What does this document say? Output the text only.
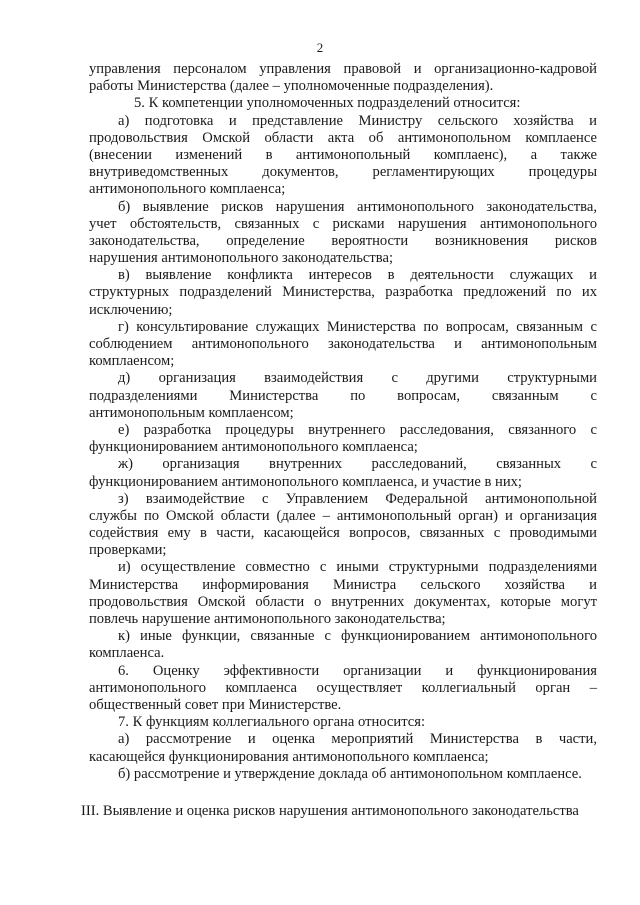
2
управления персоналом управления правовой и организационно-кадровой
работы Министерства (далее – уполномоченные подразделения).
5. К компетенции уполномоченных подразделений относится:
а) подготовка и представление Министру сельского хозяйства и
продовольствия Омской области акта об антимонопольном комплаенсе
(внесении изменений в антимонопольный комплаенс), а также
внутриведомственных документов, регламентирующих процедуры
антимонопольного комплаенса;
б) выявление рисков нарушения антимонопольного законодательства,
учет обстоятельств, связанных с рисками нарушения антимонопольного
законодательства, определение вероятности возникновения рисков
нарушения антимонопольного законодательства;
в) выявление конфликта интересов в деятельности служащих и
структурных подразделений Министерства, разработка предложений по их
исключению;
г) консультирование служащих Министерства по вопросам, связанным с
соблюдением антимонопольного законодательства и антимонопольным
комплаенсом;
д) организация взаимодействия с другими структурными
подразделениями Министерства по вопросам, связанным с
антимонопольным комплаенсом;
е) разработка процедуры внутреннего расследования, связанного с
функционированием антимонопольного комплаенса;
ж) организация внутренних расследований, связанных с
функционированием антимонопольного комплаенса, и участие в них;
з) взаимодействие с Управлением Федеральной антимонопольной
службы по Омской области (далее – антимонопольный орган) и организация
содействия ему в части, касающейся вопросов, связанных с проводимыми
проверками;
и) осуществление совместно с иными структурными подразделениями
Министерства информирования Министра сельского хозяйства и
продовольствия Омской области о внутренних документах, которые могут
повлечь нарушение антимонопольного законодательства;
к) иные функции, связанные с функционированием антимонопольного
комплаенса.
6. Оценку эффективности организации и функционирования
антимонопольного комплаенса осуществляет коллегиальный орган –
общественный совет при Министерстве.
7. К функциям коллегиального органа относится:
а) рассмотрение и оценка мероприятий Министерства в части,
касающейся функционирования антимонопольного комплаенса;
б) рассмотрение и утверждение доклада об антимонопольном комплаенсе.
III. Выявление и оценка рисков нарушения антимонопольного законодательства
